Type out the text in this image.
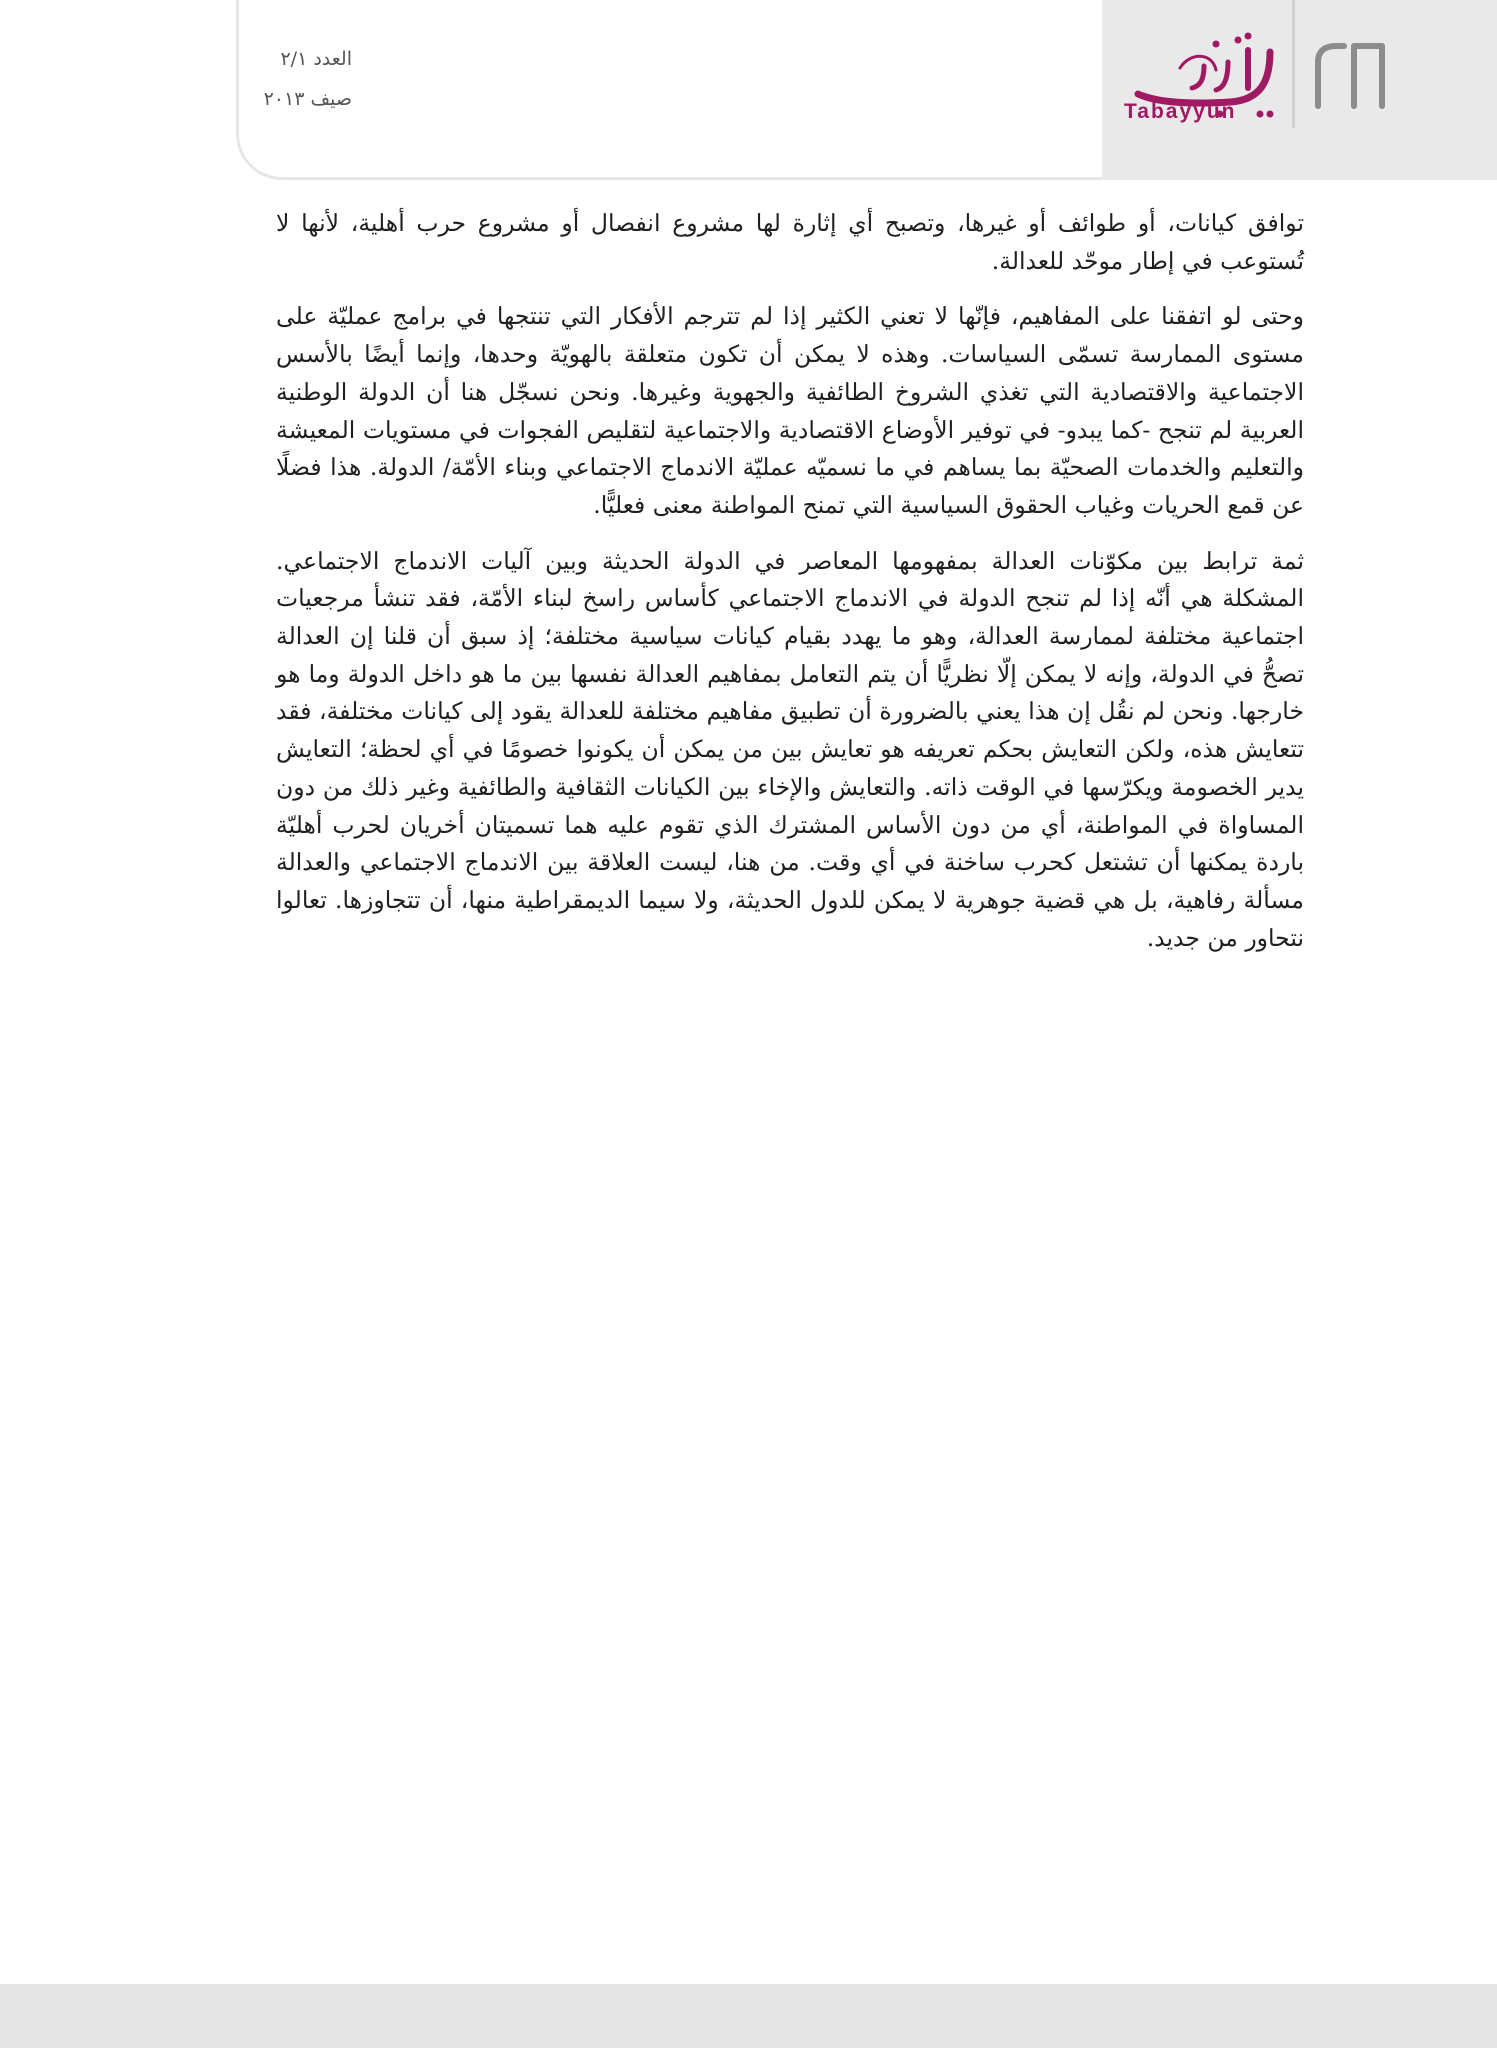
Tabayyun
العدد ٢/١
صيف ٢٠١٣

توافق كيانات، أو طوائف أو غيرها، وتصبح أي إثارة لها مشروع انفصال أو مشروع حرب أهلية، لأنها لا تُستوعب في إطار موحّد للعدالة.

وحتى لو اتفقنا على المفاهيم، فإنّها لا تعني الكثير إذا لم تترجم الأفكار التي تنتجها في برامج عمليّة على مستوى الممارسة تسمّى السياسات. وهذه لا يمكن أن تكون متعلقة بالهويّة وحدها، وإنما أيضًا بالأسس الاجتماعية والاقتصادية التي تغذي الشروخ الطائفية والجهوية وغيرها. ونحن نسجّل هنا أن الدولة الوطنية العربية لم تنجح -كما يبدو- في توفير الأوضاع الاقتصادية والاجتماعية لتقليص الفجوات في مستويات المعيشة والتعليم والخدمات الصحيّة بما يساهم في ما نسميّه عمليّة الاندماج الاجتماعي وبناء الأمّة/ الدولة. هذا فضلًا عن قمع الحريات وغياب الحقوق السياسية التي تمنح المواطنة معنى فعليًّا.

ثمة ترابط بين مكوّنات العدالة بمفهومها المعاصر في الدولة الحديثة وبين آليات الاندماج الاجتماعي. المشكلة هي أنّه إذا لم تنجح الدولة في الاندماج الاجتماعي كأساس راسخ لبناء الأمّة، فقد تنشأ مرجعيات اجتماعية مختلفة لممارسة العدالة، وهو ما يهدد بقيام كيانات سياسية مختلفة؛ إذ سبق أن قلنا إن العدالة تصحُّ في الدولة، وإنه لا يمكن إلّا نظريًّا أن يتم التعامل بمفاهيم العدالة نفسها بين ما هو داخل الدولة وما هو خارجها. ونحن لم نقُل إن هذا يعني بالضرورة أن تطبيق مفاهيم مختلفة للعدالة يقود إلى كيانات مختلفة، فقد تتعايش هذه، ولكن التعايش بحكم تعريفه هو تعايش بين من يمكن أن يكونوا خصومًا في أي لحظة؛ التعايش يدير الخصومة ويكرّسها في الوقت ذاته. والتعايش والإخاء بين الكيانات الثقافية والطائفية وغير ذلك من دون المساواة في المواطنة، أي من دون الأساس المشترك الذي تقوم عليه هما تسميتان أخريان لحرب أهليّة باردة يمكنها أن تشتعل كحرب ساخنة في أي وقت. من هنا، ليست العلاقة بين الاندماج الاجتماعي والعدالة مسألة رفاهية، بل هي قضية جوهرية لا يمكن للدول الحديثة، ولا سيما الديمقراطية منها، أن تتجاوزها. تعالوا نتحاور من جديد.
